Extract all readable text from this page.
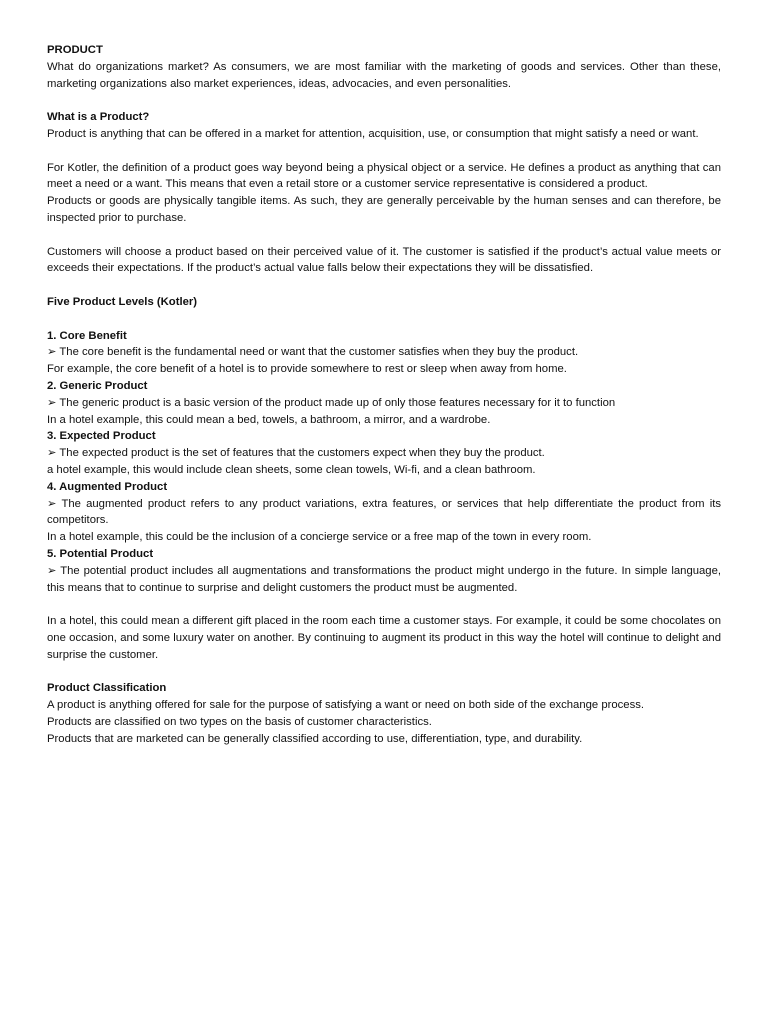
PRODUCT

What do organizations market? As consumers, we are most familiar with the marketing of goods and services. Other than these, marketing organizations also market experiences, ideas, advocacies, and even personalities.

What is a Product?

Product is anything that can be offered in a market for attention, acquisition, use, or consumption that might satisfy a need or want.

For Kotler, the definition of a product goes way beyond being a physical object or a service. He defines a product as anything that can meet a need or a want. This means that even a retail store or a customer service representative is considered a product.

Products or goods are physically tangible items. As such, they are generally perceivable by the human senses and can therefore, be inspected prior to purchase.

Customers will choose a product based on their perceived value of it. The customer is satisfied if the product’s actual value meets or exceeds their expectations. If the product’s actual value falls below their expectations they will be dissatisfied.

Five Product Levels (Kotler)

1. Core Benefit

➢ The core benefit is the fundamental need or want that the customer satisfies when they buy the product.

For example, the core benefit of a hotel is to provide somewhere to rest or sleep when away from home.

2. Generic Product

➢ The generic product is a basic version of the product made up of only those features necessary for it to function

In a hotel example, this could mean a bed, towels, a bathroom, a mirror, and a wardrobe.

3. Expected Product

➢ The expected product is the set of features that the customers expect when they buy the product.

a hotel example, this would include clean sheets, some clean towels, Wi-fi, and a clean bathroom.

4. Augmented Product

➢ The augmented product refers to any product variations, extra features, or services that help differentiate the product from its competitors.

In a hotel example, this could be the inclusion of a concierge service or a free map of the town in every room.

5. Potential Product

➢ The potential product includes all augmentations and transformations the product might undergo in the future. In simple language, this means that to continue to surprise and delight customers the product must be augmented.

In a hotel, this could mean a different gift placed in the room each time a customer stays. For example, it could be some chocolates on one occasion, and some luxury water on another. By continuing to augment its product in this way the hotel will continue to delight and surprise the customer.

Product Classification

A product is anything offered for sale for the purpose of satisfying a want or need on both side of the exchange process.

Products are classified on two types on the basis of customer characteristics.

Products that are marketed can be generally classified according to use, differentiation, type, and durability.
